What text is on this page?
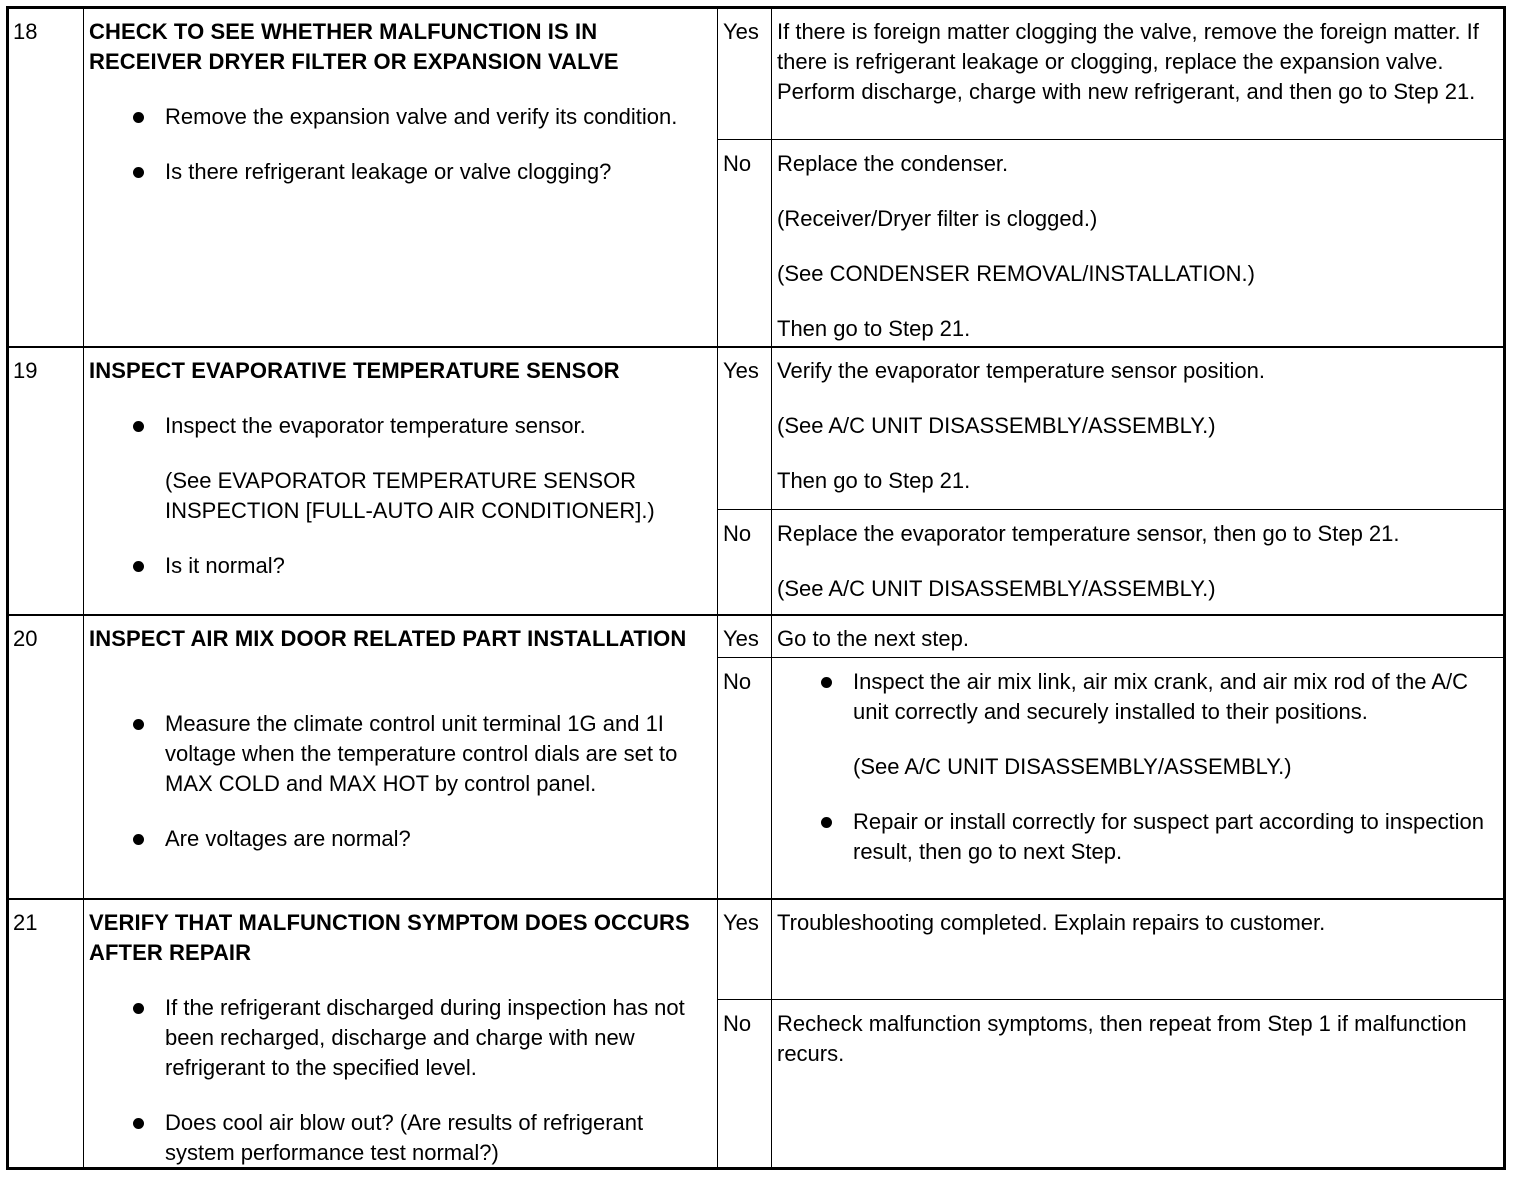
18 CHECK TO SEE WHETHER MALFUNCTION IS IN RECEIVER DRYER FILTER OR EXPANSION VALVE
Remove the expansion valve and verify its condition.
Is there refrigerant leakage or valve clogging?
Yes If there is foreign matter clogging the valve, remove the foreign matter. If there is refrigerant leakage or clogging, replace the expansion valve. Perform discharge, charge with new refrigerant, and then go to Step 21.
No Replace the condenser.

(Receiver/Dryer filter is clogged.)

(See CONDENSER REMOVAL/INSTALLATION.)

Then go to Step 21.

19 INSPECT EVAPORATIVE TEMPERATURE SENSOR
Inspect the evaporator temperature sensor.
(See EVAPORATOR TEMPERATURE SENSOR INSPECTION [FULL-AUTO AIR CONDITIONER].)
Is it normal?
Yes Verify the evaporator temperature sensor position.

(See A/C UNIT DISASSEMBLY/ASSEMBLY.)

Then go to Step 21.

No Replace the evaporator temperature sensor, then go to Step 21.

(See A/C UNIT DISASSEMBLY/ASSEMBLY.)

20 INSPECT AIR MIX DOOR RELATED PART INSTALLATION
Measure the climate control unit terminal 1G and 1I voltage when the temperature control dials are set to MAX COLD and MAX HOT by control panel.
Are voltages are normal?
Yes Go to the next step.
No	Inspect the air mix link, air mix crank, and air mix rod of the A/C unit correctly and securely installed to their positions.
(See A/C UNIT DISASSEMBLY/ASSEMBLY.)
Repair or install correctly for suspect part according to inspection result, then go to next Step.
21 VERIFY THAT MALFUNCTION SYMPTOM DOES OCCURS AFTER REPAIR
If the refrigerant discharged during inspection has not been recharged, discharge and charge with new refrigerant to the specified level.
Does cool air blow out? (Are results of refrigerant system performance test normal?)
Yes Troubleshooting completed. Explain repairs to customer.
No Recheck malfunction symptoms, then repeat from Step 1 if malfunction recurs.
